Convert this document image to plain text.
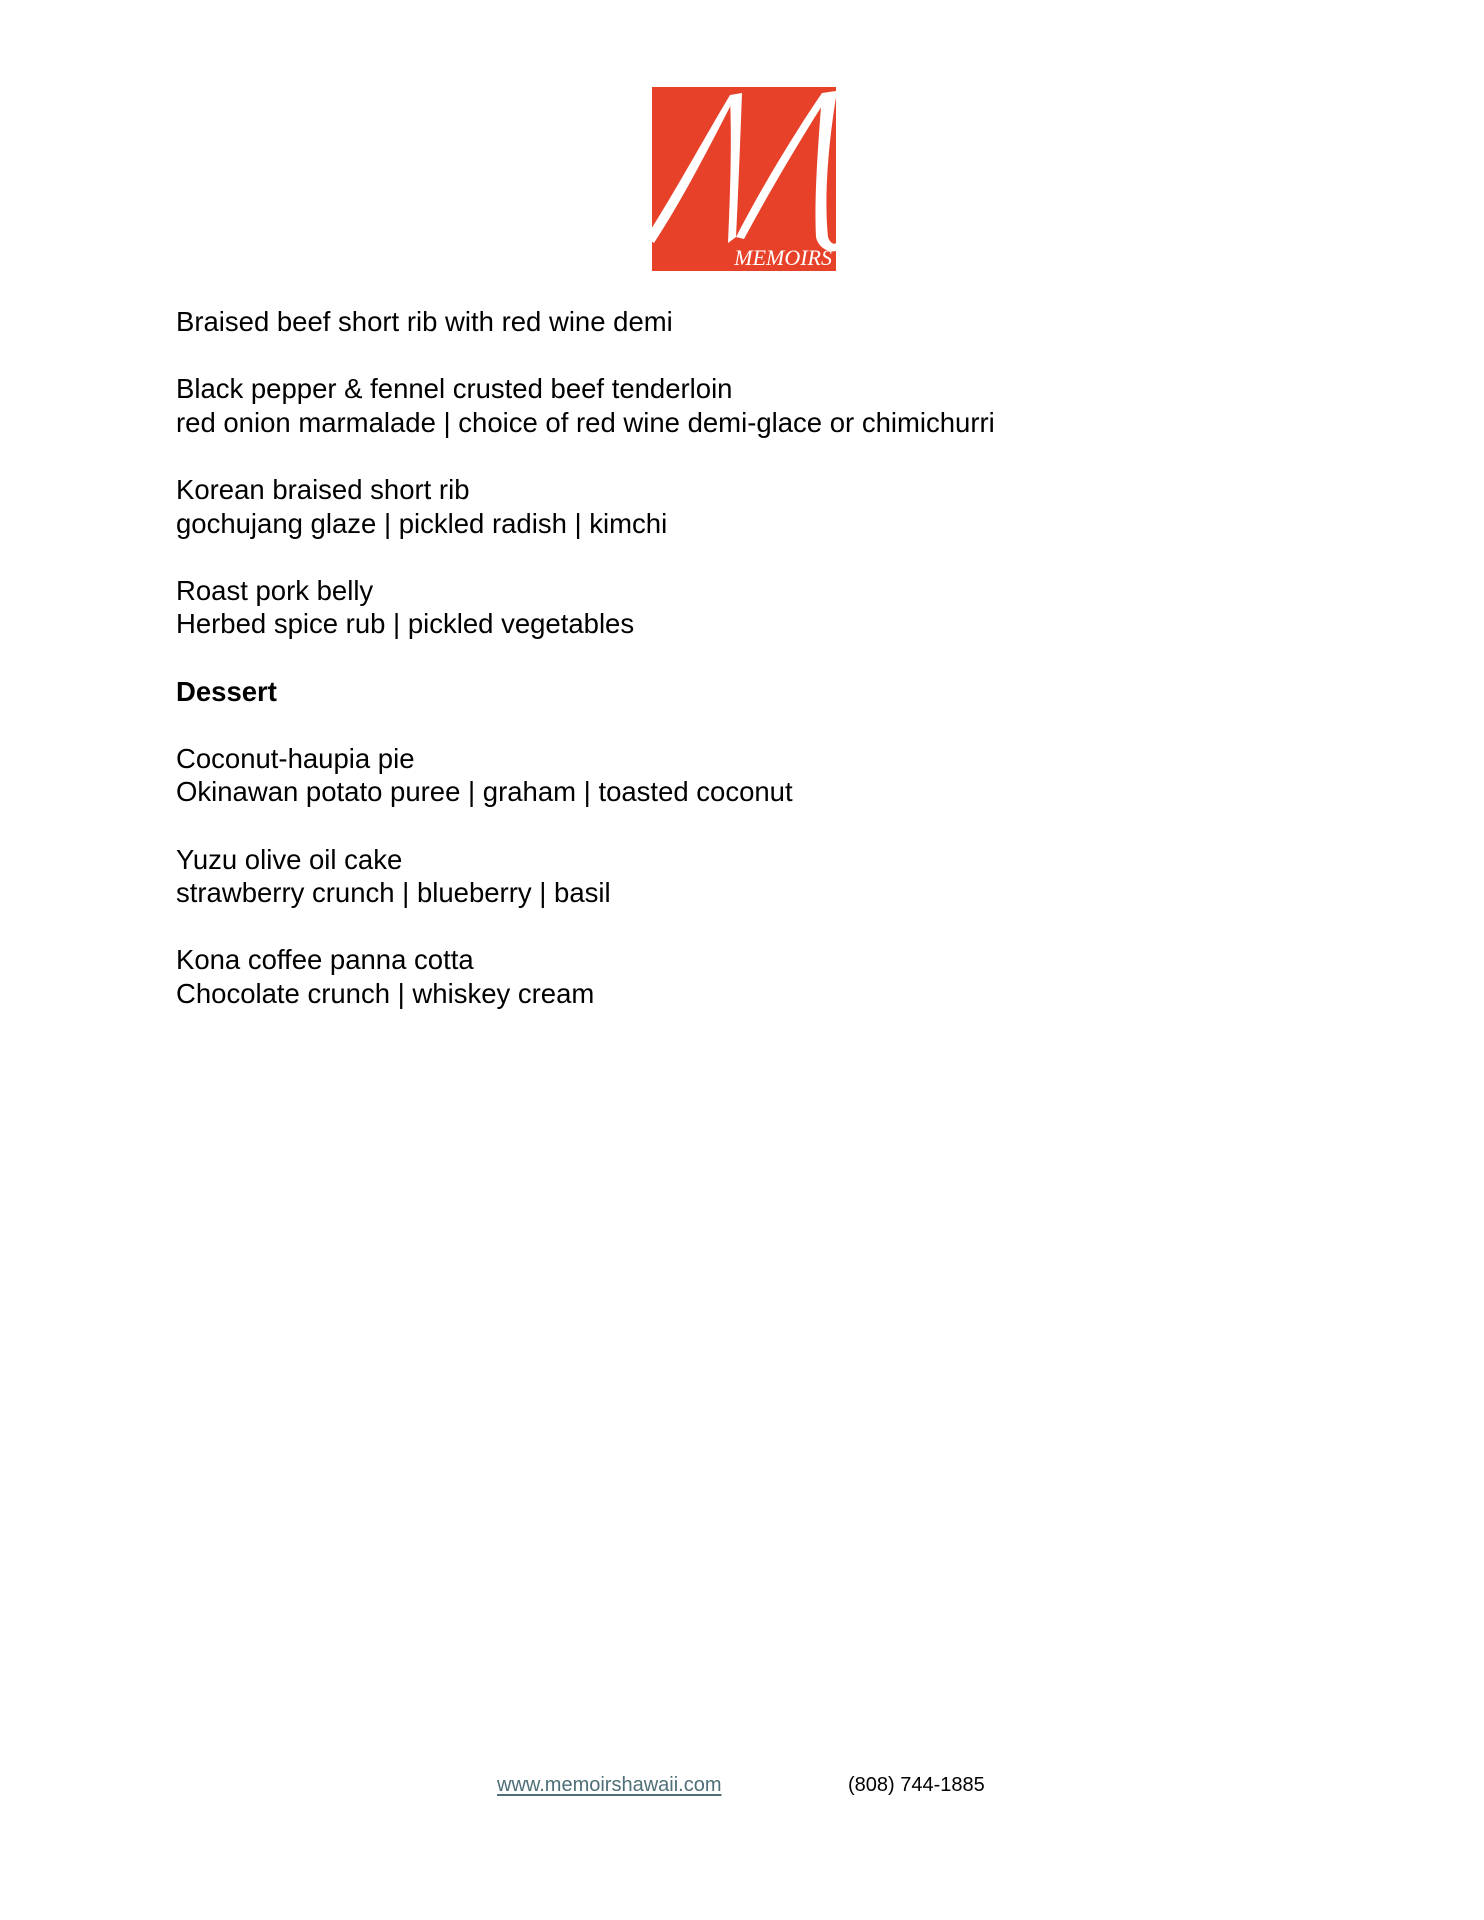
MEMOIRS
Braised beef short rib with red wine demi
Black pepper & fennel crusted beef tenderloin
red onion marmalade | choice of red wine demi-glace or chimichurri
Korean braised short rib
gochujang glaze | pickled radish | kimchi
Roast pork belly
Herbed spice rub | pickled vegetables
Dessert
Coconut-haupia pie
Okinawan potato puree | graham | toasted coconut
Yuzu olive oil cake
strawberry crunch | blueberry | basil
Kona coffee panna cotta
Chocolate crunch | whiskey cream
www.memoirshawaii.com	(808) 744-1885
